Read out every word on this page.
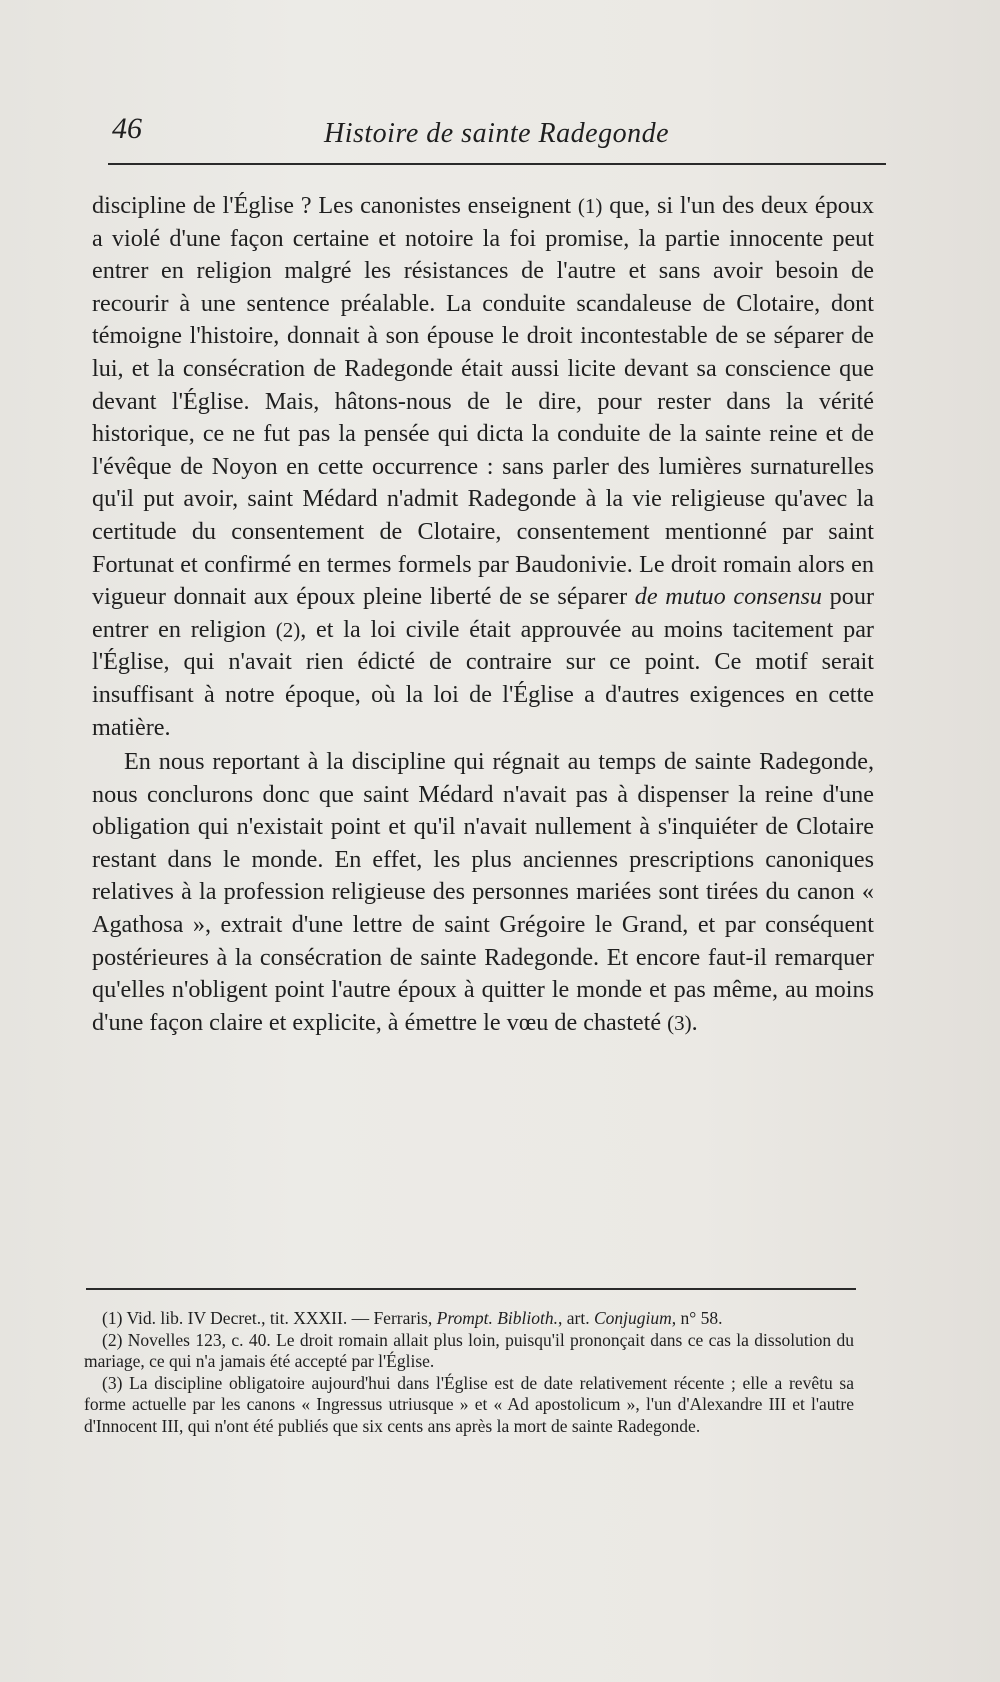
46	Histoire de sainte Radegonde

discipline de l'Église ? Les canonistes enseignent (1) que, si l'un des deux époux a violé d'une façon certaine et notoire la foi promise, la partie innocente peut entrer en religion malgré les résistances de l'autre et sans avoir besoin de recourir à une sentence préalable. La conduite scandaleuse de Clotaire, dont témoigne l'histoire, donnait à son épouse le droit incontestable de se séparer de lui, et la consécration de Radegonde était aussi licite devant sa conscience que devant l'Église. Mais, hâtons-nous de le dire, pour rester dans la vérité historique, ce ne fut pas la pensée qui dicta la conduite de la sainte reine et de l'évêque de Noyon en cette occurrence : sans parler des lumières surnaturelles qu'il put avoir, saint Médard n'admit Radegonde à la vie religieuse qu'avec la certitude du consentement de Clotaire, consentement mentionné par saint Fortunat et confirmé en termes formels par Baudonivie. Le droit romain alors en vigueur donnait aux époux pleine liberté de se séparer de mutuo consensu pour entrer en religion (2), et la loi civile était approuvée au moins tacitement par l'Église, qui n'avait rien édicté de contraire sur ce point. Ce motif serait insuffisant à notre époque, où la loi de l'Église a d'autres exigences en cette matière.

En nous reportant à la discipline qui régnait au temps de sainte Radegonde, nous conclurons donc que saint Médard n'avait pas à dispenser la reine d'une obligation qui n'existait point et qu'il n'avait nullement à s'inquiéter de Clotaire restant dans le monde. En effet, les plus anciennes prescriptions canoniques relatives à la profession religieuse des personnes mariées sont tirées du canon « Agathosa », extrait d'une lettre de saint Grégoire le Grand, et par conséquent postérieures à la consécration de sainte Radegonde. Et encore faut-il remarquer qu'elles n'obligent point l'autre époux à quitter le monde et pas même, au moins d'une façon claire et explicite, à émettre le vœu de chasteté (3).

(1) Vid. lib. IV Decret., tit. XXXII. — Ferraris, Prompt. Biblioth., art. Conjugium, n° 58.

(2) Novelles 123, c. 40. Le droit romain allait plus loin, puisqu'il prononçait dans ce cas la dissolution du mariage, ce qui n'a jamais été accepté par l'Église.

(3) La discipline obligatoire aujourd'hui dans l'Église est de date relativement récente ; elle a revêtu sa forme actuelle par les canons « Ingressus utriusque » et « Ad apostolicum », l'un d'Alexandre III et l'autre d'Innocent III, qui n'ont été publiés que six cents ans après la mort de sainte Radegonde.
